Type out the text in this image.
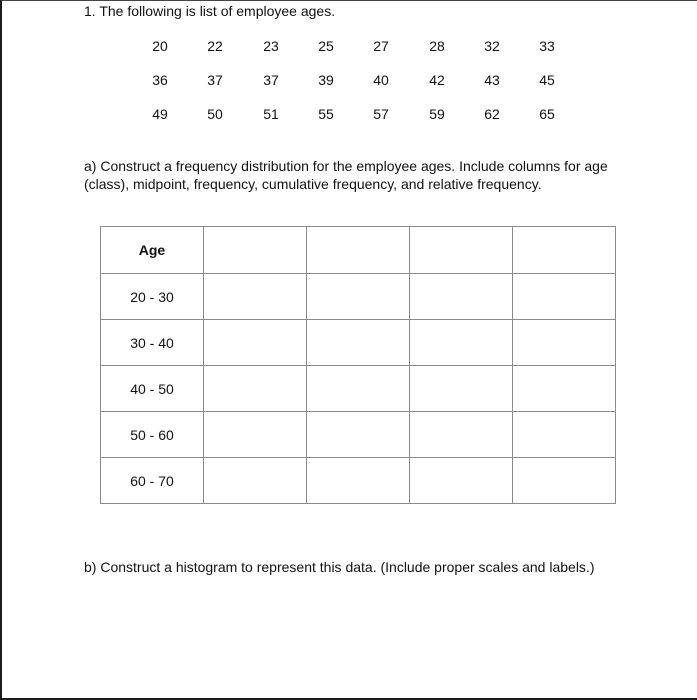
1. The following is list of employee ages.
20	22	23	25	27	28	32	33
36	37	37	39	40	42	43	45
49	50	51	55	57	59	62	65
a) Construct a frequency distribution for the employee ages. Include columns for age (class), midpoint, frequency, cumulative frequency, and relative frequency.
Age				
20 - 30				
30 - 40				
40 - 50				
50 - 60				
60 - 70				
b) Construct a histogram to represent this data. (Include proper scales and labels.)
